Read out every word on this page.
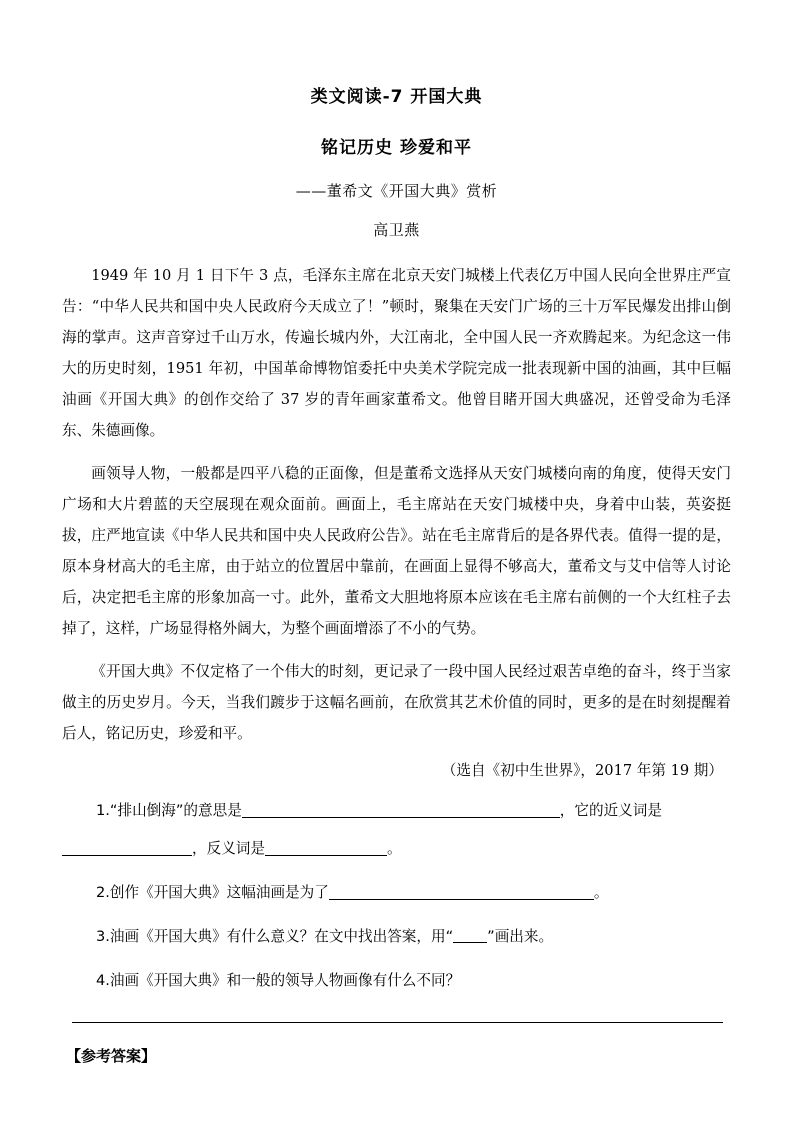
类文阅读-7 开国大典
铭记历史 珍爱和平
——董希文《开国大典》赏析
高卫燕

1949 年 10 月 1 日下午 3 点，毛泽东主席在北京天安门城楼上代表亿万中国人民向全世界庄严宣告：“中华人民共和国中央人民政府今天成立了！”顿时，聚集在天安门广场的三十万军民爆发出排山倒海的掌声。这声音穿过千山万水，传遍长城内外，大江南北，全中国人民一齐欢腾起来。为纪念这一伟大的历史时刻，1951 年初，中国革命博物馆委托中央美术学院完成一批表现新中国的油画，其中巨幅油画《开国大典》的创作交给了 37 岁的青年画家董希文。他曾目睹开国大典盛况，还曾受命为毛泽东、朱德画像。

画领导人物，一般都是四平八稳的正面像，但是董希文选择从天安门城楼向南的角度，使得天安门广场和大片碧蓝的天空展现在观众面前。画面上，毛主席站在天安门城楼中央，身着中山装，英姿挺拔，庄严地宣读《中华人民共和国中央人民政府公告》。站在毛主席背后的是各界代表。值得一提的是，原本身材高大的毛主席，由于站立的位置居中靠前，在画面上显得不够高大，董希文与艾中信等人讨论后，决定把毛主席的形象加高一寸。此外，董希文大胆地将原本应该在毛主席右前侧的一个大红柱子去掉了，这样，广场显得格外阔大，为整个画面增添了不小的气势。

《开国大典》不仅定格了一个伟大的时刻，更记录了一段中国人民经过艰苦卓绝的奋斗，终于当家做主的历史岁月。今天，当我们踱步于这幅名画前，在欣赏其艺术价值的同时，更多的是在时刻提醒着后人，铭记历史，珍爱和平。

（选自《初中生世界》，2017 年第 19 期）

1.“排山倒海”的意思是	，它的近义词是

，反义词是	。

2.创作《开国大典》这幅油画是为了	。

3.油画《开国大典》有什么意义？在文中找出答案，用“ ”画出来。

4.油画《开国大典》和一般的领导人物画像有什么不同？

【参考答案】
